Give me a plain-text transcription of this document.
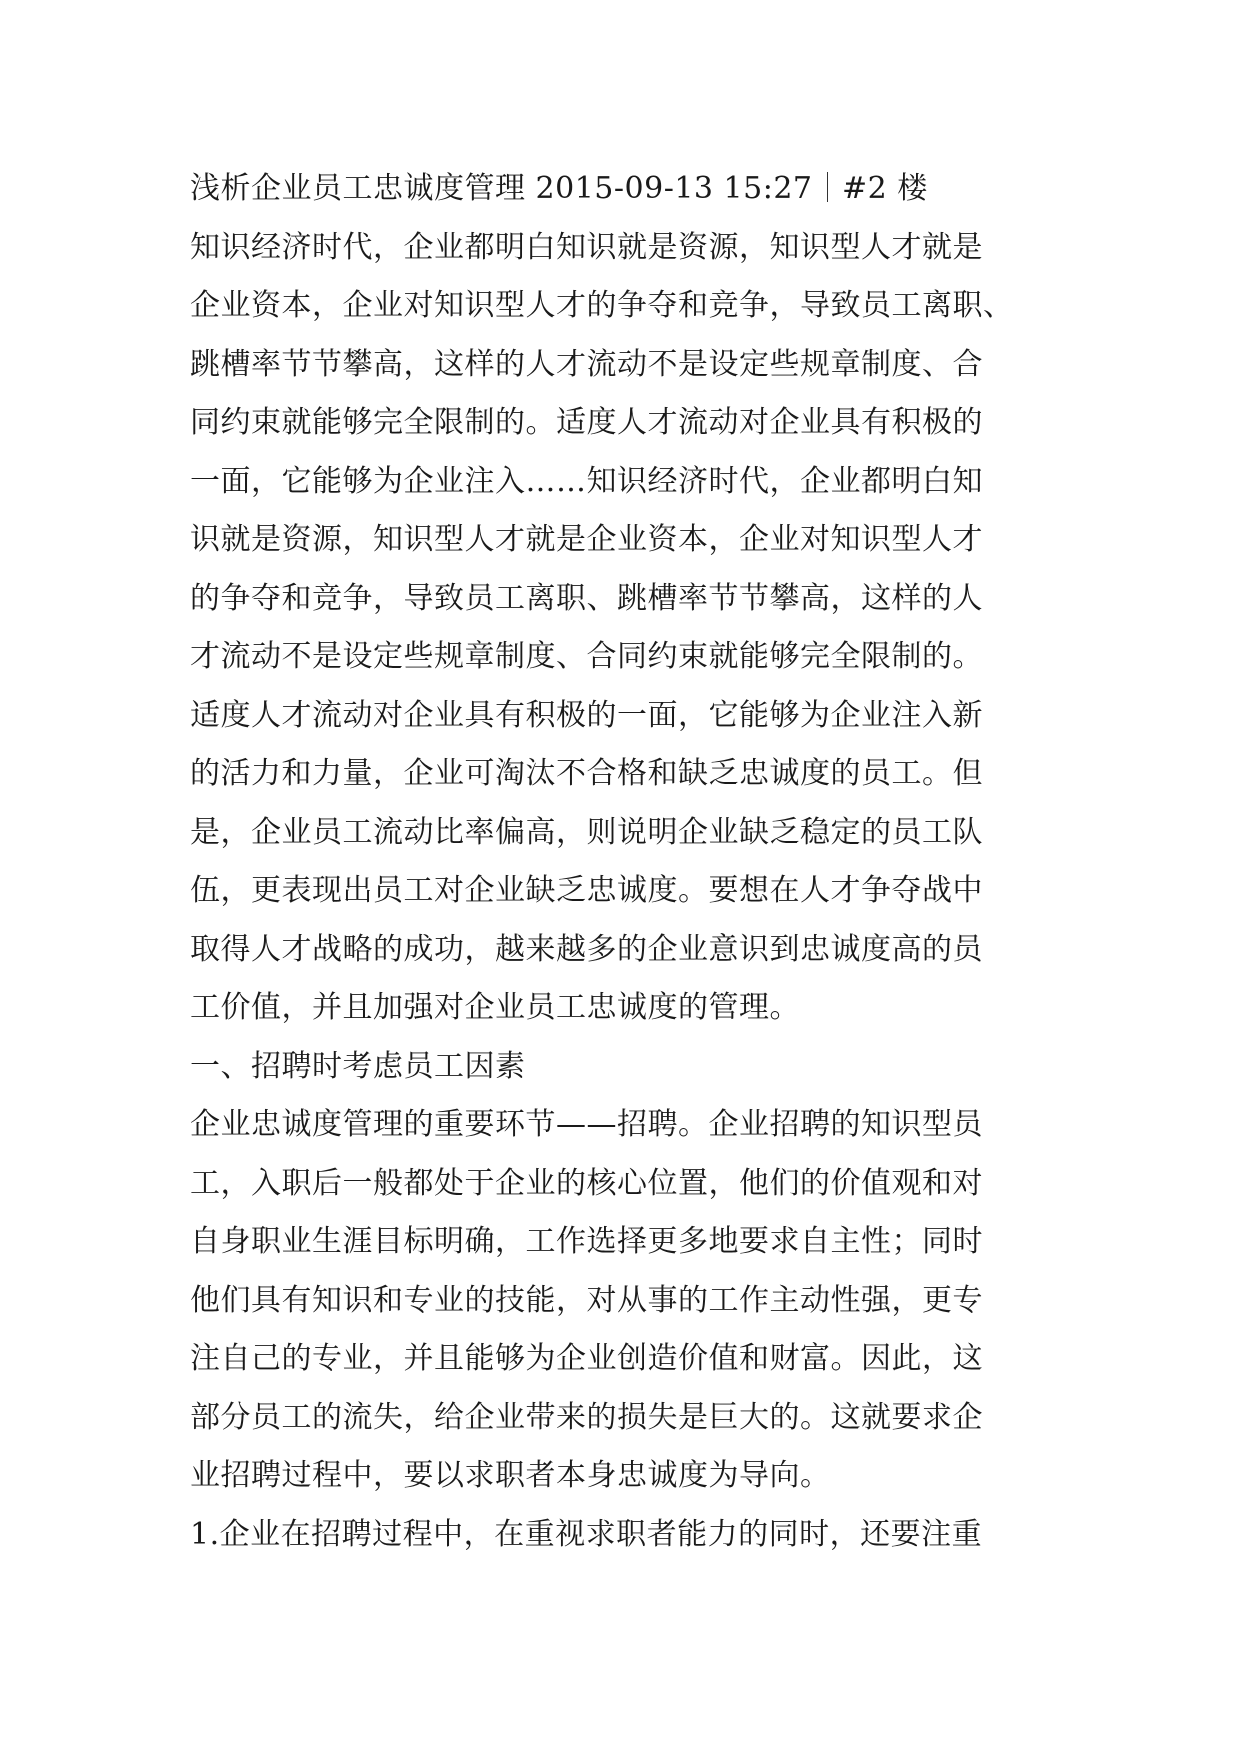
浅析企业员工忠诚度管理 2015-09-13 15:27 #2 楼
知识经济时代，企业都明白知识就是资源，知识型人才就是
企业资本，企业对知识型人才的争夺和竞争，导致员工离职、
跳槽率节节攀高，这样的人才流动不是设定些规章制度、合
同约束就能够完全限制的。适度人才流动对企业具有积极的
一面，它能够为企业注入……知识经济时代，企业都明白知
识就是资源，知识型人才就是企业资本，企业对知识型人才
的争夺和竞争，导致员工离职、跳槽率节节攀高，这样的人
才流动不是设定些规章制度、合同约束就能够完全限制的。
适度人才流动对企业具有积极的一面，它能够为企业注入新
的活力和力量，企业可淘汰不合格和缺乏忠诚度的员工。但
是，企业员工流动比率偏高，则说明企业缺乏稳定的员工队
伍，更表现出员工对企业缺乏忠诚度。要想在人才争夺战中
取得人才战略的成功，越来越多的企业意识到忠诚度高的员
工价值，并且加强对企业员工忠诚度的管理。
一、招聘时考虑员工因素
企业忠诚度管理的重要环节——招聘。企业招聘的知识型员
工，入职后一般都处于企业的核心位置，他们的价值观和对
自身职业生涯目标明确，工作选择更多地要求自主性；同时
他们具有知识和专业的技能，对从事的工作主动性强，更专
注自己的专业，并且能够为企业创造价值和财富。因此，这
部分员工的流失，给企业带来的损失是巨大的。这就要求企
业招聘过程中，要以求职者本身忠诚度为导向。
1.企业在招聘过程中，在重视求职者能力的同时，还要注重
